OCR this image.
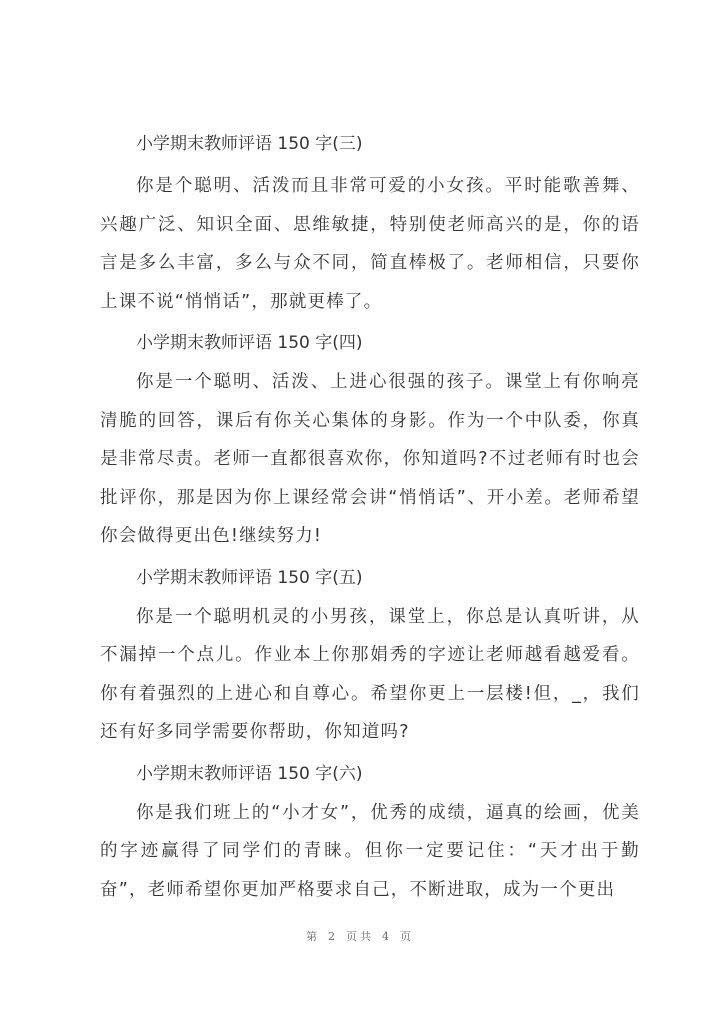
小学期末教师评语 150 字(三)

你是个聪明、活泼而且非常可爱的小女孩。平时能歌善舞、兴趣广泛、知识全面、思维敏捷，特别使老师高兴的是，你的语言是多么丰富，多么与众不同，简直棒极了。老师相信，只要你上课不说“悄悄话”，那就更棒了。

小学期末教师评语 150 字(四)

你是一个聪明、活泼、上进心很强的孩子。课堂上有你响亮清脆的回答，课后有你关心集体的身影。作为一个中队委，你真是非常尽责。老师一直都很喜欢你，你知道吗?不过老师有时也会批评你，那是因为你上课经常会讲“悄悄话”、开小差。老师希望你会做得更出色!继续努力!

小学期末教师评语 150 字(五)

你是一个聪明机灵的小男孩，课堂上，你总是认真听讲，从不漏掉一个点儿。作业本上你那娟秀的字迹让老师越看越爱看。你有着强烈的上进心和自尊心。希望你更上一层楼!但，_，我们还有好多同学需要你帮助，你知道吗?

小学期末教师评语 150 字(六)

你是我们班上的“小才女”，优秀的成绩，逼真的绘画，优美的字迹赢得了同学们的青睐。但你一定要记住：“天才出于勤奋”，老师希望你更加严格要求自己，不断进取，成为一个更出

第 2 页共 4 页
